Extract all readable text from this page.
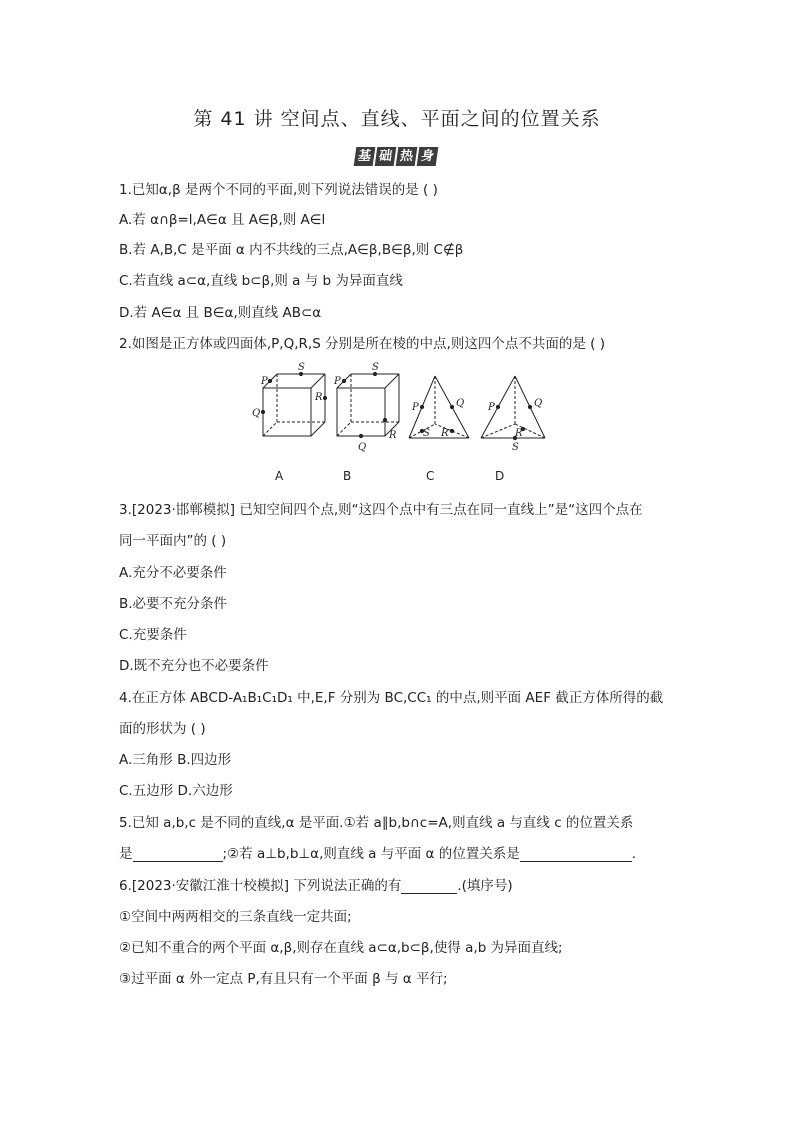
第 41 讲 空间点、直线、平面之间的位置关系
基 础 热 身
1.已知α,β 是两个不同的平面,则下列说法错误的是 ( )
A.若 α∩β=l,A∈α 且 A∈β,则 A∈l
B.若 A,B,C 是平面 α 内不共线的三点,A∈β,B∈β,则 C∉β
C.若直线 a⊂α,直线 b⊂β,则 a 与 b 为异面直线
D.若 A∈α 且 B∈α,则直线 AB⊂α
2.如图是正方体或四面体,P,Q,R,S 分别是所在棱的中点,则这四个点不共面的是 ( )
P
S
R
Q
P
S
R
Q
P	Q
S R
P	Q
S
R
A	B	C	D
3.[2023·邯郸模拟] 已知空间四个点,则“这四个点中有三点在同一直线上”是“这四个点在
同一平面内”的 ( )
A.充分不必要条件
B.必要不充分条件
C.充要条件
D.既不充分也不必要条件
4.在正方体 ABCD-A₁B₁C₁D₁ 中,E,F 分别为 BC,CC₁ 的中点,则平面 AEF 截正方体所得的截
面的形状为 ( )
A.三角形 B.四边形
C.五边形 D.六边形
5.已知 a,b,c 是不同的直线,α 是平面.①若 a∥b,b∩c=A,则直线 a 与直线 c 的位置关系
是	;②若 a⊥b,b⊥α,则直线 a 与平面 α 的位置关系是	.
6.[2023·安徽江淮十校模拟] 下列说法正确的有	.(填序号)
①空间中两两相交的三条直线一定共面;
②已知不重合的两个平面 α,β,则存在直线 a⊂α,b⊂β,使得 a,b 为异面直线;
③过平面 α 外一定点 P,有且只有一个平面 β 与 α 平行;
